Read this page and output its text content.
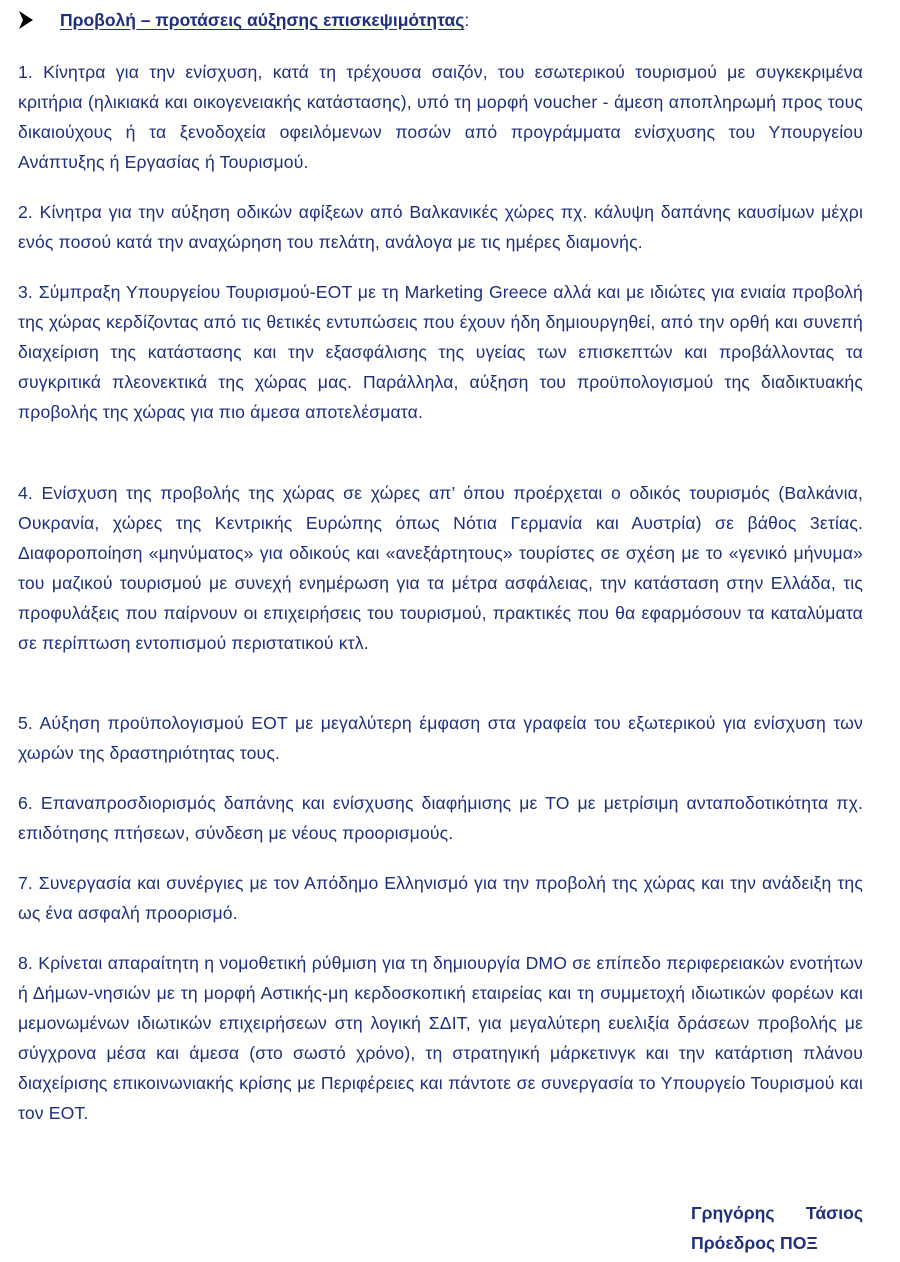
Προβολή – προτάσεις αύξησης επισκεψιμότητας :

1. Κίνητρα για την ενίσχυση, κατά τη τρέχουσα σαιζόν, του εσωτερικού τουρισμού με συγκεκριμένα κριτήρια (ηλικιακά και οικογενειακής κατάστασης), υπό τη μορφή voucher - άμεση αποπληρωμή προς τους δικαιούχους ή τα ξενοδοχεία οφειλόμενων ποσών από προγράμματα ενίσχυσης του Υπουργείου Ανάπτυξης ή Εργασίας ή Τουρισμού.

2. Κίνητρα για την αύξηση οδικών αφίξεων από Βαλκανικές χώρες πχ. κάλυψη δαπάνης καυσίμων μέχρι ενός ποσού κατά την αναχώρηση του πελάτη, ανάλογα με τις ημέρες διαμονής.

3. Σύμπραξη Υπουργείου Τουρισμού-ΕΟΤ με τη Marketing Greece αλλά και με ιδιώτες για ενιαία προβολή της χώρας κερδίζοντας από τις θετικές εντυπώσεις που έχουν ήδη δημιουργηθεί, από την ορθή και συνεπή διαχείριση της κατάστασης και την εξασφάλισης της υγείας των επισκεπτών και προβάλλοντας τα συγκριτικά πλεονεκτικά της χώρας μας. Παράλληλα, αύξηση του προϋπολογισμού της διαδικτυακής προβολής της χώρας για πιο άμεσα αποτελέσματα.

4. Ενίσχυση της προβολής της χώρας σε χώρες απ’ όπου προέρχεται ο οδικός τουρισμός (Βαλκάνια, Ουκρανία, χώρες της Κεντρικής Ευρώπης όπως Νότια Γερμανία και Αυστρία) σε βάθος 3ετίας. Διαφοροποίηση «μηνύματος» για οδικούς και «ανεξάρτητους» τουρίστες σε σχέση με το «γενικό μήνυμα» του μαζικού τουρισμού με συνεχή ενημέρωση για τα μέτρα ασφάλειας, την κατάσταση στην Ελλάδα, τις προφυλάξεις που παίρνουν οι επιχειρήσεις του τουρισμού, πρακτικές που θα εφαρμόσουν τα καταλύματα σε περίπτωση εντοπισμού περιστατικού κτλ.

5. Αύξηση προϋπολογισμού ΕΟΤ με μεγαλύτερη έμφαση στα γραφεία του εξωτερικού για ενίσχυση των χωρών της δραστηριότητας τους.

6. Επαναπροσδιορισμός δαπάνης και ενίσχυσης διαφήμισης με ΤΟ με μετρίσιμη ανταποδοτικότητα πχ. επιδότησης πτήσεων, σύνδεση με νέους προορισμούς.

7. Συνεργασία και συνέργιες με τον Απόδημο Ελληνισμό για την προβολή της χώρας και την ανάδειξη της ως ένα ασφαλή προορισμό.

8. Κρίνεται απαραίτητη η νομοθετική ρύθμιση για τη δημιουργία DMO σε επίπεδο περιφερειακών ενοτήτων ή Δήμων-νησιών με τη μορφή Αστικής-μη κερδοσκοπική εταιρείας και τη συμμετοχή ιδιωτικών φορέων και μεμονωμένων ιδιωτικών επιχειρήσεων στη λογική ΣΔΙΤ, για μεγαλύτερη ευελιξία δράσεων προβολής με σύγχρονα μέσα και άμεσα (στο σωστό χρόνο), τη στρατηγική μάρκετινγκ και την κατάρτιση πλάνου διαχείρισης επικοινωνιακής κρίσης με Περιφέρειες και πάντοτε σε συνεργασία το Υπουργείο Τουρισμού και τον ΕΟΤ.

Γρηγόρης Τάσιος
Πρόεδρος ΠΟΞ
